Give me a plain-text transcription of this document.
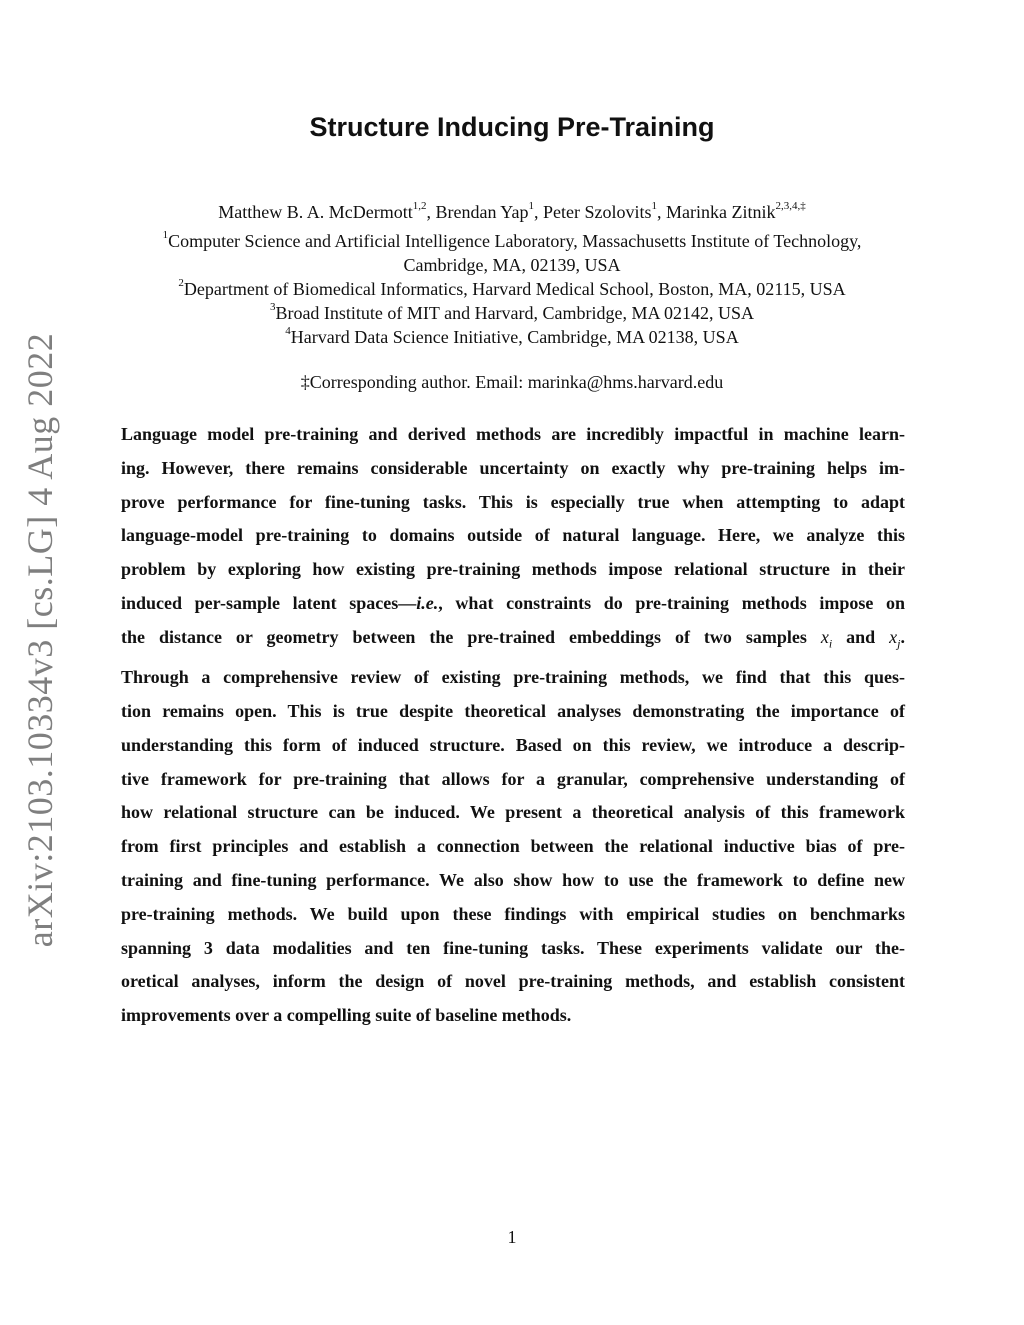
arXiv:2103.10334v3 [cs.LG] 4 Aug 2022
Structure Inducing Pre-Training
Matthew B. A. McDermott$^{1,2}$, Brendan Yap$^1$, Peter Szolovits$^1$, Marinka Zitnik$^{2,3,4,\ddagger}$
$^1$Computer Science and Artificial Intelligence Laboratory, Massachusetts Institute of Technology,
Cambridge, MA, 02139, USA
$^2$Department of Biomedical Informatics, Harvard Medical School, Boston, MA, 02115, USA
$^3$Broad Institute of MIT and Harvard, Cambridge, MA 02142, USA
$^4$Harvard Data Science Initiative, Cambridge, MA 02138, USA
‡Corresponding author. Email: marinka@hms.harvard.edu
Language model pre-training and derived methods are incredibly impactful in machine learn-
ing. However, there remains considerable uncertainty on exactly why pre-training helps im-
prove performance for fine-tuning tasks. This is especially true when attempting to adapt
language-model pre-training to domains outside of natural language. Here, we analyze this
problem by exploring how existing pre-training methods impose relational structure in their
induced per-sample latent spaces—i.e., what constraints do pre-training methods impose on
the distance or geometry between the pre-trained embeddings of two samples $x_i$ and $x_j$.
Through a comprehensive review of existing pre-training methods, we find that this ques-
tion remains open. This is true despite theoretical analyses demonstrating the importance of
understanding this form of induced structure. Based on this review, we introduce a descrip-
tive framework for pre-training that allows for a granular, comprehensive understanding of
how relational structure can be induced. We present a theoretical analysis of this framework
from first principles and establish a connection between the relational inductive bias of pre-
training and fine-tuning performance. We also show how to use the framework to define new
pre-training methods. We build upon these findings with empirical studies on benchmarks
spanning 3 data modalities and ten fine-tuning tasks. These experiments validate our the-
oretical analyses, inform the design of novel pre-training methods, and establish consistent
improvements over a compelling suite of baseline methods.
1
